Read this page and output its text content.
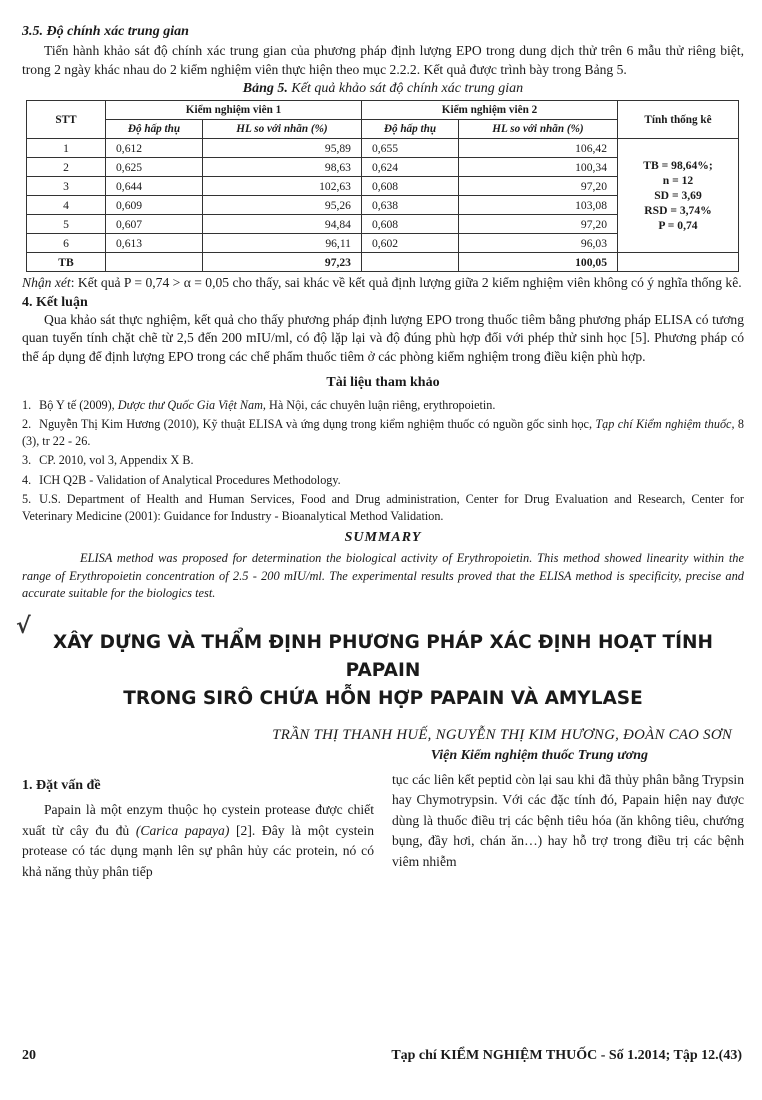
3.5. Độ chính xác trung gian

Tiến hành khảo sát độ chính xác trung gian của phương pháp định lượng EPO trong dung dịch thử trên 6 mẫu thử riêng biệt, trong 2 ngày khác nhau do 2 kiểm nghiệm viên thực hiện theo mục 2.2.2. Kết quả được trình bày trong Bảng 5.

Bảng 5. Kết quả khảo sát độ chính xác trung gian

STT	Kiểm nghiệm viên 1		Kiểm nghiệm viên 2		Tính thống kê
	Độ hấp thụ	HL so với nhãn (%)	Độ hấp thụ	HL so với nhãn (%)	
1	0,612	95,89	0,655	106,42	TB = 98,64%;
n = 12
SD = 3,69
RSD = 3,74%
P = 0,74

2	0,625	98,63	0,624	100,34	
3	0,644	102,63	0,608	97,20	
4	0,609	95,26	0,638	103,08	
5	0,607	94,84	0,608	97,20	
6	0,613	96,11	0,602	96,03	
TB		97,23		100,05	

Nhận xét: Kết quả P = 0,74 > α = 0,05 cho thấy, sai khác về kết quả định lượng giữa 2 kiểm nghiệm viên không có ý nghĩa thống kê.

4. Kết luận

Qua khảo sát thực nghiệm, kết quả cho thấy phương pháp định lượng EPO trong thuốc tiêm bằng phương pháp ELISA có tương quan tuyến tính chặt chẽ từ 2,5 đến 200 mIU/ml, có độ lặp lại và độ đúng phù hợp đối với phép thử sinh học [5]. Phương pháp có thể áp dụng để định lượng EPO trong các chế phẩm thuốc tiêm ở các phòng kiểm nghiệm trong điều kiện phù hợp.

Tài liệu tham khảo

1. Bộ Y tế (2009), Dược thư Quốc Gia Việt Nam, Hà Nội, các chuyên luận riêng, erythropoietin.

2. Nguyễn Thị Kim Hương (2010), Kỹ thuật ELISA và ứng dụng trong kiểm nghiệm thuốc có nguồn gốc sinh học, Tạp chí Kiểm nghiệm thuốc, 8 (3), tr 22 - 26.

3. CP. 2010, vol 3, Appendix X B.

4. ICH Q2B - Validation of Analytical Procedures Methodology.

5. U.S. Department of Health and Human Services, Food and Drug administration, Center for Drug Evaluation and Research, Center for Veterinary Medicine (2001): Guidance for Industry - Bioanalytical Method Validation.

SUMMARY

ELISA method was proposed for determination the biological activity of Erythropoietin. This method showed linearity within the range of Erythropoietin concentration of 2.5 - 200 mIU/ml. The experimental results proved that the ELISA method is specificity, precise and accurate suitable for the biologics test.

√
XÂY DỰNG VÀ THẨM ĐỊNH PHƯƠNG PHÁP XÁC ĐỊNH HOẠT TÍNH PAPAIN
TRONG SIRÔ CHỨA HỖN HỢP PAPAIN VÀ AMYLASE

TRẦN THỊ THANH HUẾ, NGUYỄN THỊ KIM HƯƠNG, ĐOÀN CAO SƠN

Viện Kiểm nghiệm thuốc Trung ương

1. Đặt vấn đề

Papain là một enzym thuộc họ cystein protease được chiết xuất từ cây đu đủ (Carica papaya) [2]. Đây là một cystein protease có tác dụng mạnh lên sự phân hủy các protein, nó có khả năng thủy phân tiếp

tục các liên kết peptid còn lại sau khi đã thủy phân bằng Trypsin hay Chymotrypsin. Với các đặc tính đó, Papain hiện nay được dùng là thuốc điều trị các bệnh tiêu hóa (ăn không tiêu, chướng bụng, đầy hơi, chán ăn…) hay hỗ trợ trong điều trị các bệnh viêm nhiễm

20	Tạp chí KIỂM NGHIỆM THUỐC - Số 1.2014; Tập 12.(43)
